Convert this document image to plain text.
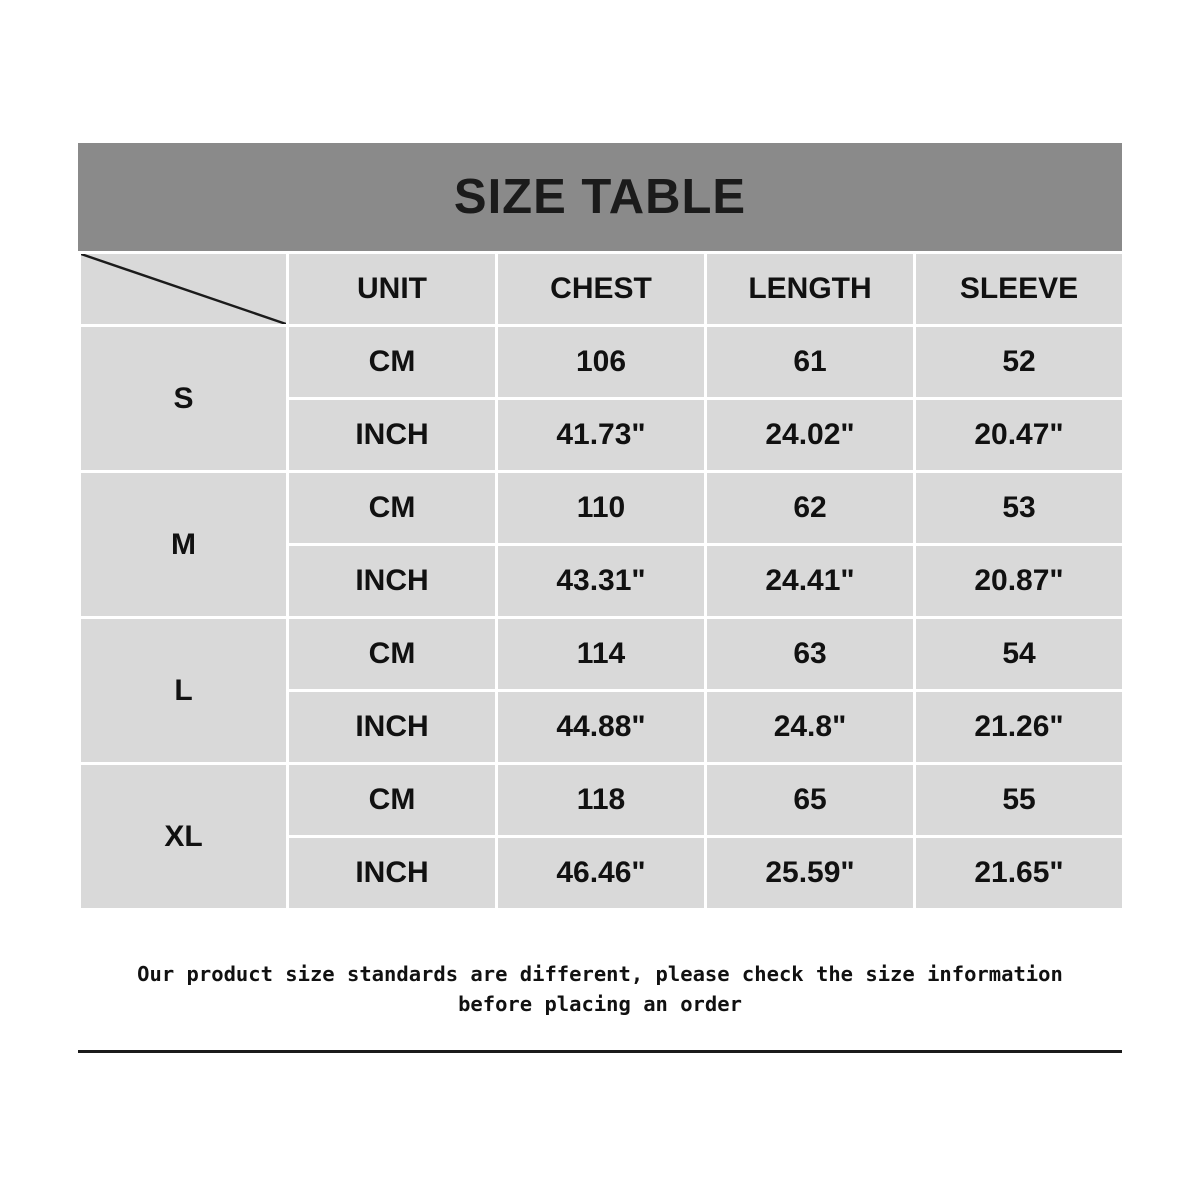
SIZE TABLE
	UNIT	CHEST	LENGTH	SLEEVE
S	CM	106	61	52
	INCH	41.73"	24.02"	20.47"
M	CM	110	62	53
	INCH	43.31"	24.41"	20.87"
L	CM	114	63	54
	INCH	44.88"	24.8"	21.26"
XL	CM	118	65	55
	INCH	46.46"	25.59"	21.65"
Our product size standards are different, please check the size information
before placing an order
